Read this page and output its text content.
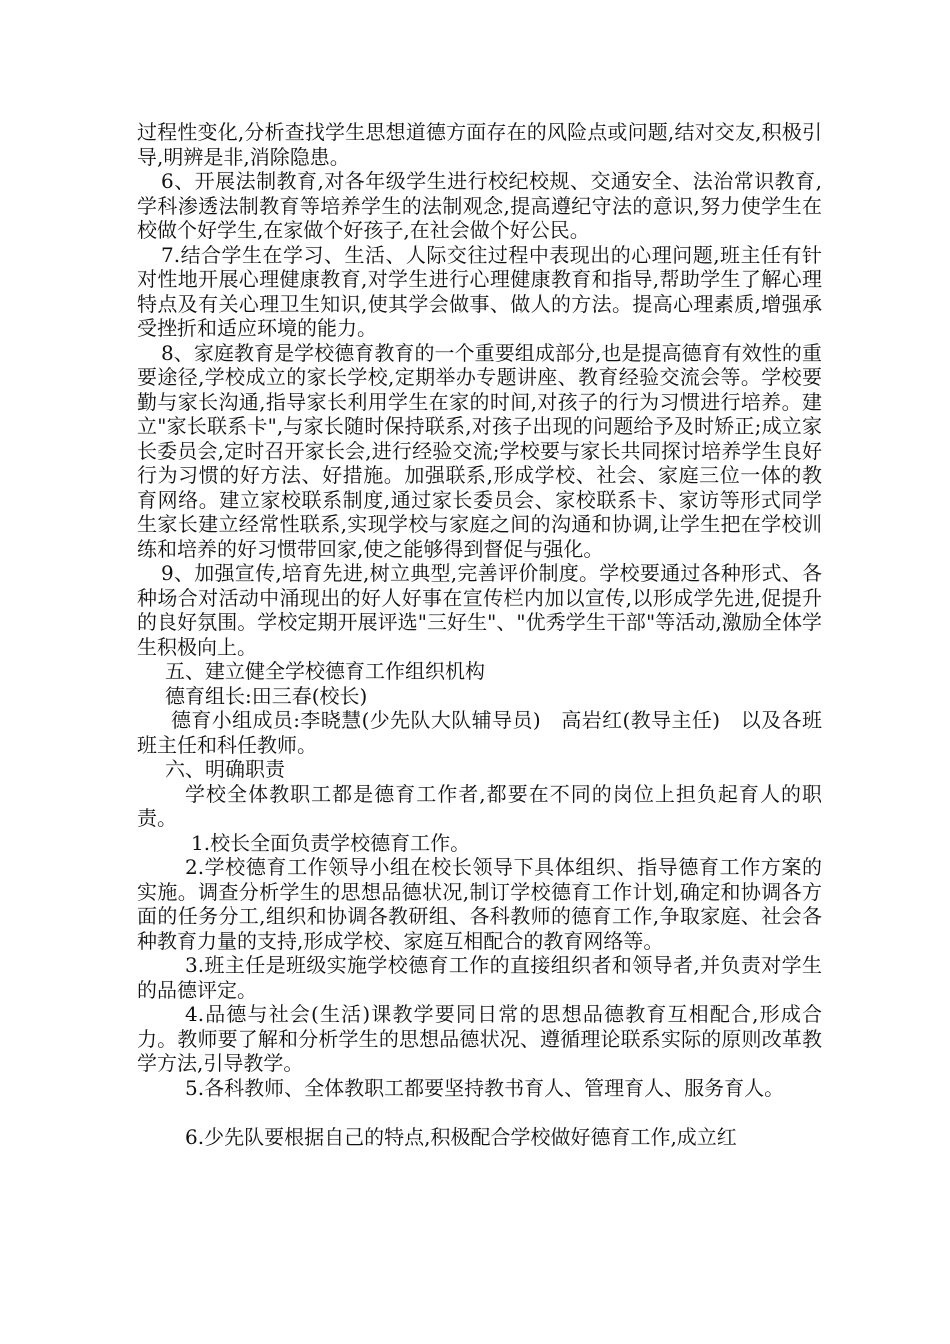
过程性变化,分析查找学生思想道德方面存在的风险点或问题,结对交友,积极引导,明辨是非,消除隐患。

6、开展法制教育,对各年级学生进行校纪校规、交通安全、法治常识教育,学科渗透法制教育等培养学生的法制观念,提高遵纪守法的意识,努力使学生在校做个好学生,在家做个好孩子,在社会做个好公民。

7.结合学生在学习、生活、人际交往过程中表现出的心理问题,班主任有针对性地开展心理健康教育,对学生进行心理健康教育和指导,帮助学生了解心理特点及有关心理卫生知识,使其学会做事、做人的方法。提高心理素质,增强承受挫折和适应环境的能力。

8、家庭教育是学校德育教育的一个重要组成部分,也是提高德育有效性的重要途径,学校成立的家长学校,定期举办专题讲座、教育经验交流会等。学校要勤与家长沟通,指导家长利用学生在家的时间,对孩子的行为习惯进行培养。建立"家长联系卡",与家长随时保持联系,对孩子出现的问题给予及时矫正;成立家长委员会,定时召开家长会,进行经验交流;学校要与家长共同探讨培养学生良好行为习惯的好方法、好措施。加强联系,形成学校、社会、家庭三位一体的教育网络。建立家校联系制度,通过家长委员会、家校联系卡、家访等形式同学生家长建立经常性联系,实现学校与家庭之间的沟通和协调,让学生把在学校训练和培养的好习惯带回家,使之能够得到督促与强化。

9、加强宣传,培育先进,树立典型,完善评价制度。学校要通过各种形式、各种场合对活动中涌现出的好人好事在宣传栏内加以宣传,以形成学先进,促提升的良好氛围。学校定期开展评选"三好生"、"优秀学生干部"等活动,激励全体学生积极向上。

五、建立健全学校德育工作组织机构

德育组长:田三春(校长)

德育小组成员:李晓慧(少先队大队辅导员)　高岩红(教导主任)　以及各班班主任和科任教师。

六、明确职责

学校全体教职工都是德育工作者,都要在不同的岗位上担负起育人的职责。

1.校长全面负责学校德育工作。

2.学校德育工作领导小组在校长领导下具体组织、指导德育工作方案的实施。调查分析学生的思想品德状况,制订学校德育工作计划,确定和协调各方面的任务分工,组织和协调各教研组、各科教师的德育工作,争取家庭、社会各种教育力量的支持,形成学校、家庭互相配合的教育网络等。

3.班主任是班级实施学校德育工作的直接组织者和领导者,并负责对学生的品德评定。

4.品德与社会(生活)课教学要同日常的思想品德教育互相配合,形成合力。教师要了解和分析学生的思想品德状况、遵循理论联系实际的原则改革教学方法,引导教学。

5.各科教师、全体教职工都要坚持教书育人、管理育人、服务育人。

6.少先队要根据自己的特点,积极配合学校做好德育工作,成立红
